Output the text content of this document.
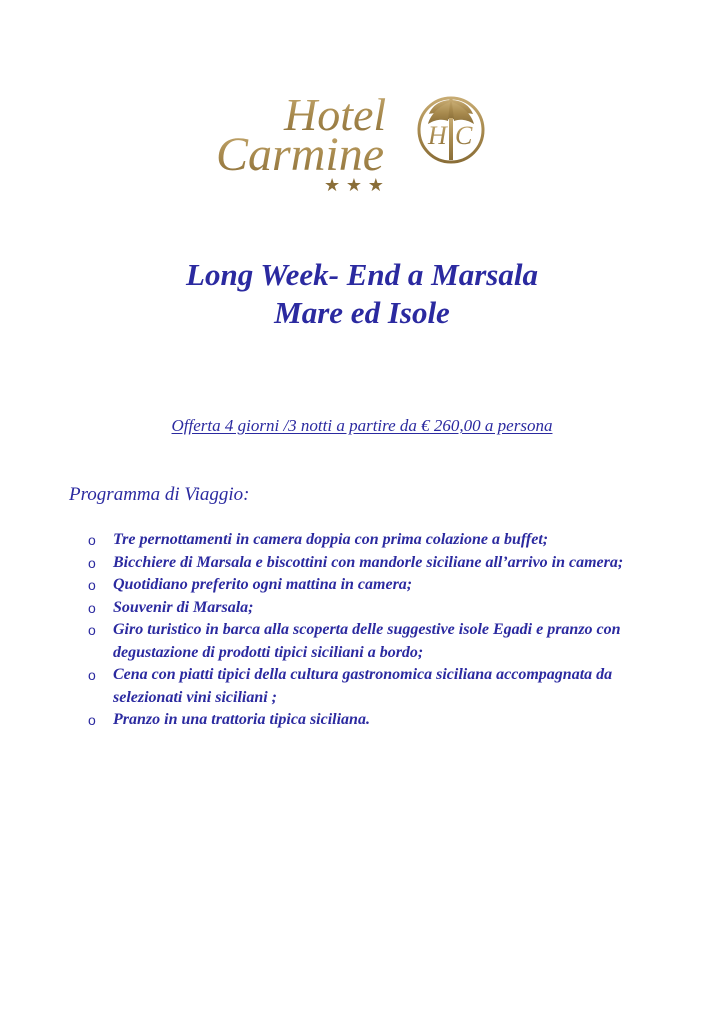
Hotel
Carmine H C
★ ★ ★
Long Week- End a Marsala
Mare ed Isole
Offerta 4 giorni /3 notti a partire da € 260,00 a persona
Programma di Viaggio:
o Tre pernottamenti in camera doppia con prima colazione a buffet;
o Bicchiere di Marsala e biscottini con mandorle siciliane all’arrivo in camera;
o Quotidiano preferito ogni mattina in camera;
o Souvenir di Marsala;
o Giro turistico in barca alla scoperta delle suggestive isole Egadi e pranzo con degustazione di prodotti tipici siciliani a bordo;
o Cena con piatti tipici della cultura gastronomica siciliana accompagnata da selezionati vini siciliani ;
o Pranzo in una trattoria tipica siciliana.
